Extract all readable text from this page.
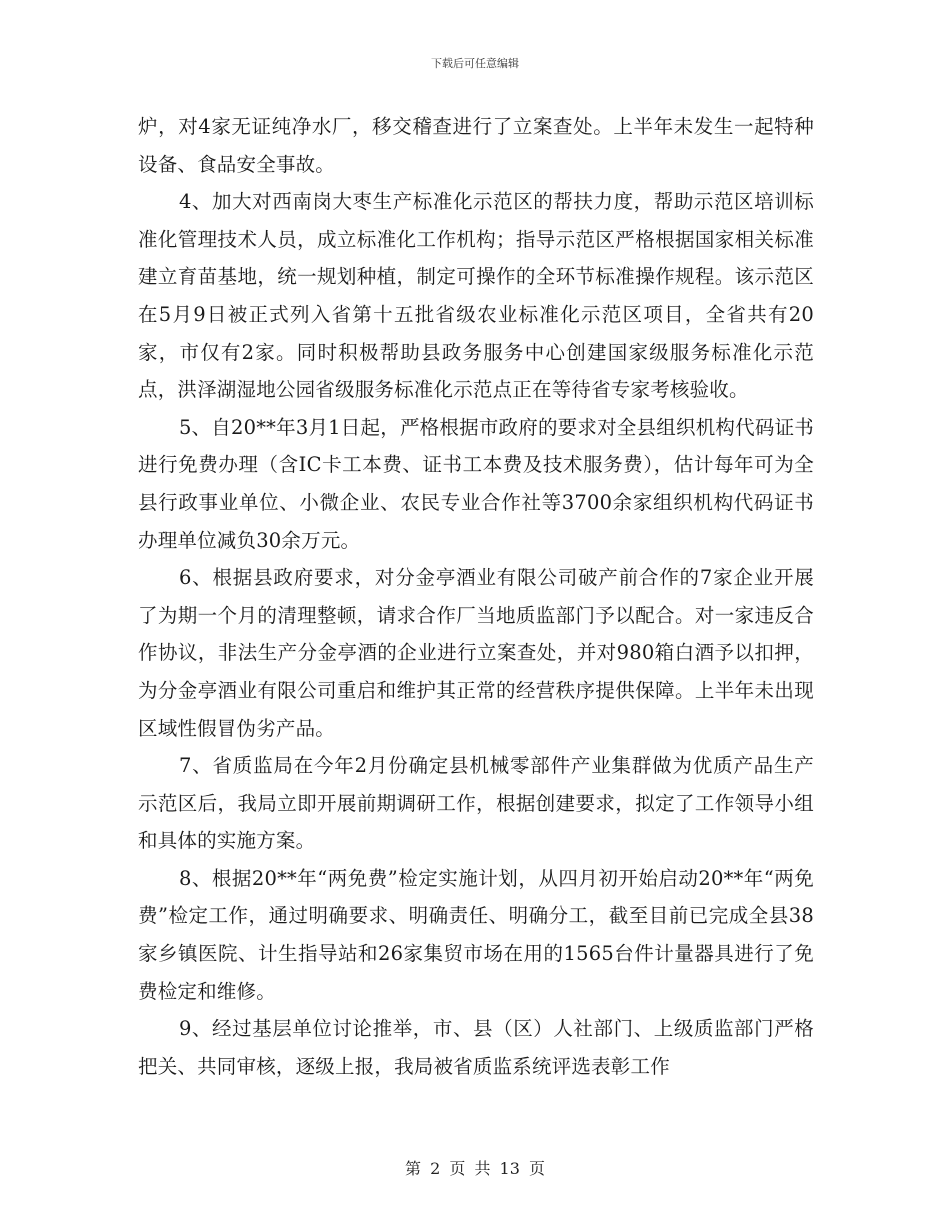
下载后可任意编辑

炉，对4家无证纯净水厂，移交稽查进行了立案查处。上半年未发生一起特种设备、食品安全事故。

4、加大对西南岗大枣生产标准化示范区的帮扶力度，帮助示范区培训标准化管理技术人员，成立标准化工作机构；指导示范区严格根据国家相关标准建立育苗基地，统一规划种植，制定可操作的全环节标准操作规程。该示范区在5月9日被正式列入省第十五批省级农业标准化示范区项目，全省共有20家，市仅有2家。同时积极帮助县政务服务中心创建国家级服务标准化示范点，洪泽湖湿地公园省级服务标准化示范点正在等待省专家考核验收。

5、自20**年3月1日起，严格根据市政府的要求对全县组织机构代码证书进行免费办理（含IC卡工本费、证书工本费及技术服务费），估计每年可为全县行政事业单位、小微企业、农民专业合作社等3700余家组织机构代码证书办理单位减负30余万元。

6、根据县政府要求，对分金亭酒业有限公司破产前合作的7家企业开展了为期一个月的清理整顿，请求合作厂当地质监部门予以配合。对一家违反合作协议，非法生产分金亭酒的企业进行立案查处，并对980箱白酒予以扣押，为分金亭酒业有限公司重启和维护其正常的经营秩序提供保障。上半年未出现区域性假冒伪劣产品。

7、省质监局在今年2月份确定县机械零部件产业集群做为优质产品生产示范区后，我局立即开展前期调研工作，根据创建要求，拟定了工作领导小组和具体的实施方案。

8、根据20**年“两免费”检定实施计划，从四月初开始启动20**年“两免费”检定工作，通过明确要求、明确责任、明确分工，截至目前已完成全县38家乡镇医院、计生指导站和26家集贸市场在用的1565台件计量器具进行了免费检定和维修。

9、经过基层单位讨论推举，市、县（区）人社部门、上级质监部门严格把关、共同审核，逐级上报，我局被省质监系统评选表彰工作

第 2 页 共 13 页
